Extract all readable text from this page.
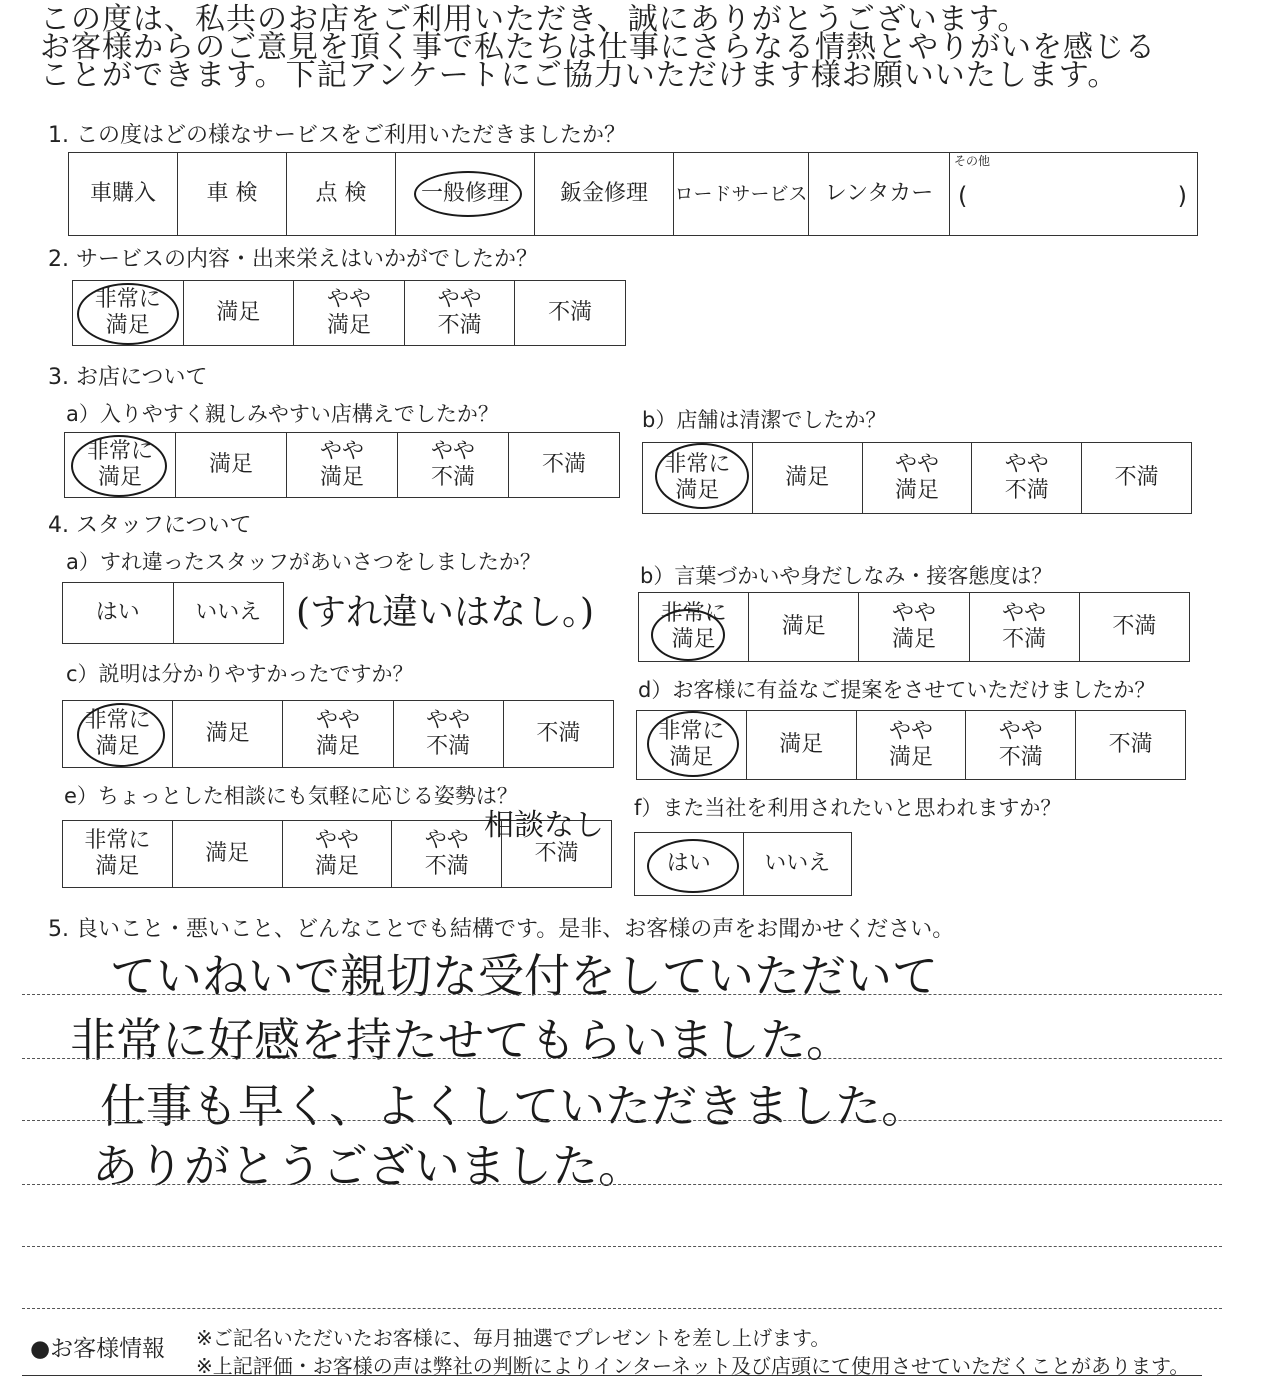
この度は、私共のお店をご利用いただき、誠にありがとうございます。
お客様からのご意見を頂く事で私たちは仕事にさらなる情熱とやりがいを感じる
ことができます。下記アンケートにご協力いただけます様お願いいたします。
1. この度はどの様なサービスをご利用いただきましたか？
車購入	車 検	点 検	一般修理	鈑金修理	ロードサービス	レンタカー	
その他
(	)
2. サービスの内容・出来栄えはいかがでしたか？
非常に
満足
	満足	
やや
満足

やや
不満
	不満
3. お店について
a）入りやすく親しみやすい店構えでしたか？
非常に
満足
	満足	
やや
満足

やや
不満
	不満
b）店舗は清潔でしたか？
非常に
満足
	満足	
やや
満足

やや
不満
	不満
4. スタッフについて
a）すれ違ったスタッフがあいさつをしましたか？
はい	いいえ (すれ違いはなし。)
b）言葉づかいや身だしなみ・接客態度は？
非常に
満足
	満足	
やや
満足

やや
不満
	不満
c）説明は分かりやすかったですか？
非常に
満足
	満足	
やや
満足

やや
不満
	不満
d）お客様に有益なご提案をさせていただけましたか？
非常に
満足
	満足	
やや
満足

やや
不満
	不満
e）ちょっとした相談にも気軽に応じる姿勢は？
非常に
満足
	満足	
やや
満足

やや
不満
	不満
相談なし f）また当社を利用されたいと思われますか？
はい	いいえ
5. 良いこと・悪いこと、どんなことでも結構です。是非、お客様の声をお聞かせください。
ていねいで親切な受付をしていただいて
非常に好感を持たせてもらいました。
仕事も早く、よくしていただきました。
ありがとうございました。
●お客様情報 ※ご記名いただいたお客様に、毎月抽選でプレゼントを差し上げます。
※上記評価・お客様の声は弊社の判断によりインターネット及び店頭にて使用させていただくことがあります。
